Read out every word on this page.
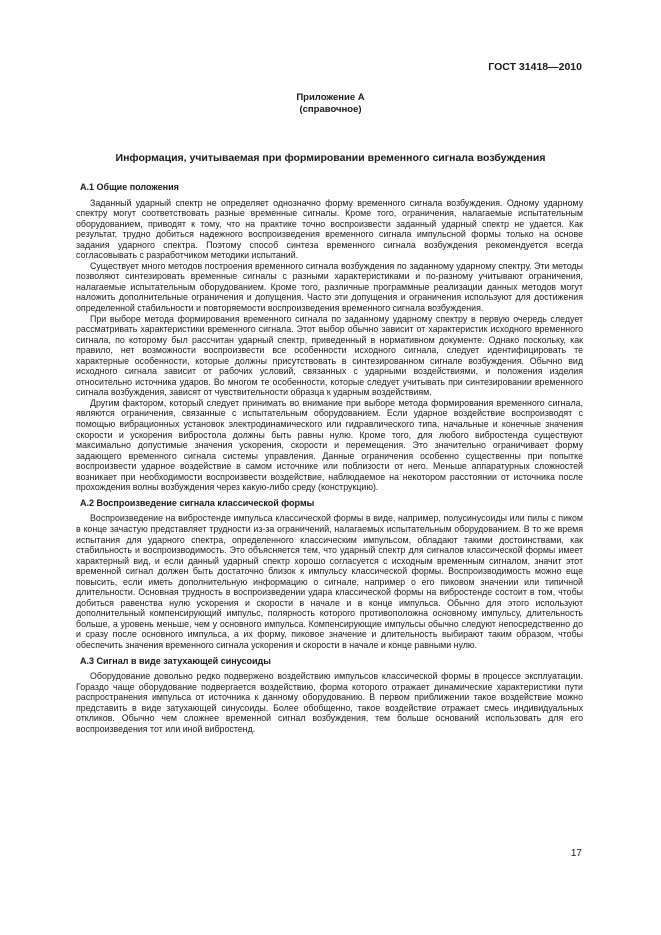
ГОСТ 31418—2010
Приложение А
(справочное)
Информация, учитываемая при формировании временного сигнала возбуждения
А.1 Общие положения

Заданный ударный спектр не определяет однозначно форму временного сигнала возбуждения. Одному ударному спектру могут соответствовать разные временные сигналы. Кроме того, ограничения, налагаемые испытательным оборудованием, приводят к тому, что на практике точно воспроизвести заданный ударный спектр не удается. Как результат, трудно добиться надежного воспроизведения временного сигнала импульсной формы только на основе задания ударного спектра. Поэтому способ синтеза временного сигнала возбуждения рекомендуется всегда согласовывать с разработчиком методики испытаний.

Существует много методов построения временного сигнала возбуждения по заданному ударному спектру. Эти методы позволяют синтезировать временные сигналы с разными характеристиками и по-разному учитывают ограничения, налагаемые испытательным оборудованием. Кроме того, различные программные реализации данных методов могут наложить дополнительные ограничения и допущения. Часто эти допущения и ограничения используют для достижения определенной стабильности и повторяемости воспроизведения временного сигнала возбуждения.

При выборе метода формирования временного сигнала по заданному ударному спектру в первую очередь следует рассматривать характеристики временного сигнала. Этот выбор обычно зависит от характеристик исходного временного сигнала, по которому был рассчитан ударный спектр, приведенный в нормативном документе. Однако поскольку, как правило, нет возможности воспроизвести все особенности исходного сигнала, следует идентифицировать те характерные особенности, которые должны присутствовать в синтезированном сигнале возбуждения. Обычно вид исходного сигнала зависит от рабочих условий, связанных с ударными воздействиями, и положения изделия относительно источника ударов. Во многом те особенности, которые следует учитывать при синтезировании временного сигнала возбуждения, зависят от чувствительности образца к ударным воздействиям.

Другим фактором, который следует принимать во внимание при выборе метода формирования временного сигнала, являются ограничения, связанные с испытательным оборудованием. Если ударное воздействие воспроизводят с помощью вибрационных установок электродинамического или гидравлического типа, начальные и конечные значения скорости и ускорения вибростола должны быть равны нулю. Кроме того, для любого вибростенда существуют максимально допустимые значения ускорения, скорости и перемещения. Это значительно ограничивает форму задающего временного сигнала системы управления. Данные ограничения особенно существенны при попытке воспроизвести ударное воздействие в самом источнике или поблизости от него. Меньше аппаратурных сложностей возникает при необходимости воспроизвести воздействие, наблюдаемое на некотором расстоянии от источника после прохождения волны возбуждения через какую-либо среду (конструкцию).

А.2 Воспроизведение сигнала классической формы

Воспроизведение на вибростенде импульса классической формы в виде, например, полусинусоиды или пилы с пиком в конце зачастую представляет трудности из-за ограничений, налагаемых испытательным оборудованием. В то же время испытания для ударного спектра, определенного классическим импульсом, обладают такими достоинствами, как стабильность и воспроизводимость. Это объясняется тем, что ударный спектр для сигналов классической формы имеет характерный вид, и если данный ударный спектр хорошо согласуется с исходным временным сигналом, значит этот временной сигнал должен быть достаточно близок к импульсу классической формы. Воспроизводимость можно еще повысить, если иметь дополнительную информацию о сигнале, например о его пиковом значении или типичной длительности. Основная трудность в воспроизведении удара классической формы на вибростенде состоит в том, чтобы добиться равенства нулю ускорения и скорости в начале и в конце импульса. Обычно для этого используют дополнительный компенсирующий импульс, полярность которого противоположна основному импульсу, длительность больше, а уровень меньше, чем у основного импульса. Компенсирующие импульсы обычно следуют непосредственно до и сразу после основного импульса, а их форму, пиковое значение и длительность выбирают таким образом, чтобы обеспечить значения временного сигнала ускорения и скорости в начале и конце равными нулю.

А.3 Сигнал в виде затухающей синусоиды

Оборудование довольно редко подвержено воздействию импульсов классической формы в процессе эксплуатации. Гораздо чаще оборудование подвергается воздействию, форма которого отражает динамические характеристики пути распространения импульса от источника к данному оборудованию. В первом приближении такое воздействие можно представить в виде затухающей синусоиды. Более обобщенно, такое воздействие отражает смесь индивидуальных откликов. Обычно чем сложнее временной сигнал возбуждения, тем больше оснований использовать для его воспроизведения тот или иной вибростенд.

17
